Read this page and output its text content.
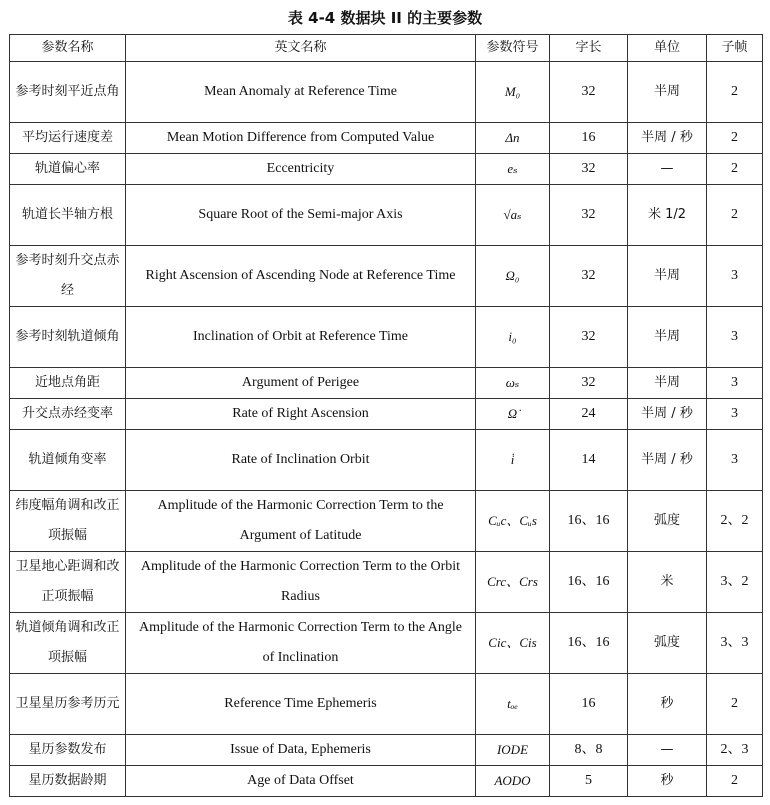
表 4-4 数据块 II 的主要参数
参数名称	英文名称	参数符号	字长	单位	子帧
参考时刻平近点角	Mean Anomaly at Reference Time	M₀	32	半周	2
平均运行速度差	Mean Motion Difference from Computed Value	Δn	16	半周 / 秒	2
轨道偏心率	Eccentricity	eₛ	32	—	2
轨道长半轴方根	Square Root of the Semi-major Axis	√aₛ	32	米 1/2	2
参考时刻升交点赤经	Right Ascension of Ascending Node at Reference Time	Ω₀	32	半周	3
参考时刻轨道倾角	Inclination of Orbit at Reference Time	i₀	32	半周	3
近地点角距	Argument of Perigee	ωₛ	32	半周	3
升交点赤经变率	Rate of Right Ascension	Ω̇	24	半周 / 秒	3
轨道倾角变率	Rate of Inclination Orbit	i̇	14	半周 / 秒	3
纬度幅角调和改正项振幅	Amplitude of the Harmonic Correction Term to the Argument of Latitude	Cᵤc、Cᵤs	16、16	弧度	2、2
卫星地心距调和改正项振幅	Amplitude of the Harmonic Correction Term to the Orbit Radius	Crc、Crs	16、16	米	3、2
轨道倾角调和改正项振幅	Amplitude of the Harmonic Correction Term to the Angle of Inclination	Cic、Cis	16、16	弧度	3、3
卫星星历参考历元	Reference Time Ephemeris	tₒₑ	16	秒	2
星历参数发布	Issue of Data, Ephemeris	IODE	8、8	—	2、3
星历数据龄期	Age of Data Offset	AODO	5	秒	2
